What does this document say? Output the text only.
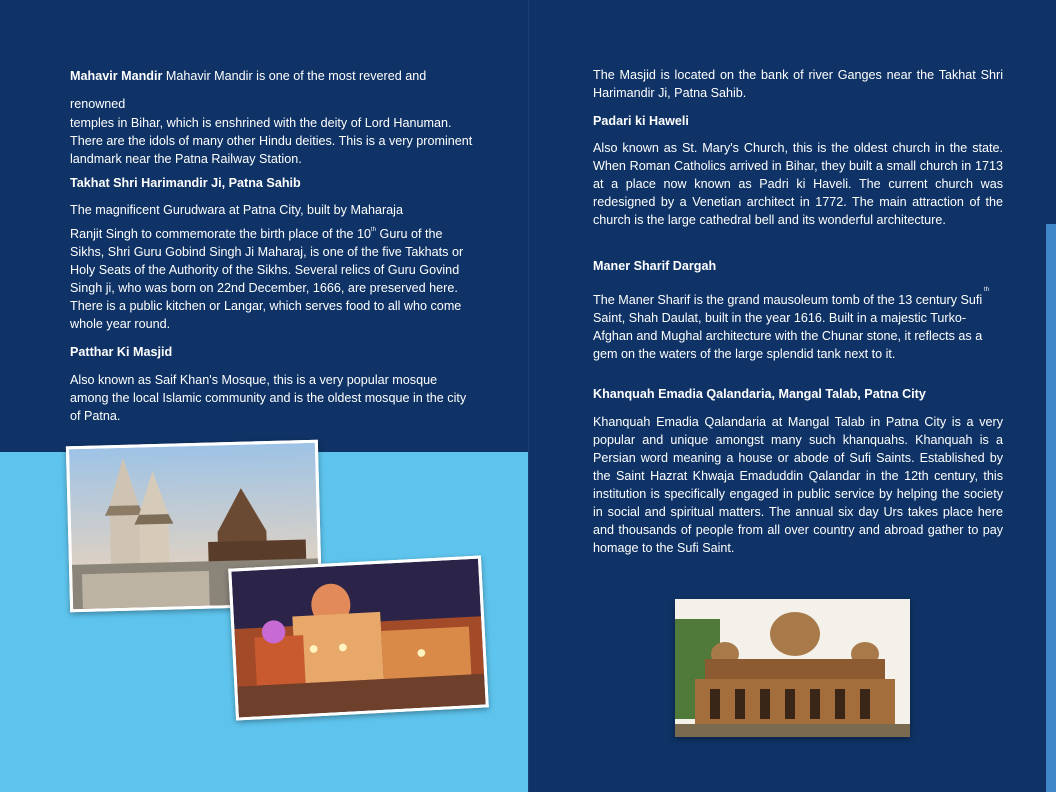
Mahavir Mandir Mahavir Mandir is one of the most revered and
renowned
temples in Bihar, which is enshrined with the deity of Lord Hanuman. There are the idols of many other Hindu deities. This is a very prominent landmark near the Patna Railway Station.
Takhat Shri Harimandir Ji, Patna Sahib
The magnificent Gurudwara at Patna City, built by Maharaja
Ranjit Singh to commemorate the birth place of the 10th Guru of the Sikhs, Shri Guru Gobind Singh Ji Maharaj, is one of the five Takhats or Holy Seats of the Authority of the Sikhs. Several relics of Guru Govind Singh ji, who was born on 22nd December, 1666, are preserved here. There is a public kitchen or Langar, which serves food to all who come whole year round.
Patthar Ki Masjid
Also known as Saif Khan's Mosque, this is a very popular mosque among the local Islamic community and is the oldest mosque in the city of Patna.
The Masjid is located on the bank of river Ganges near the Takhat Shri Harimandir Ji, Patna Sahib.
Padari ki Haweli
Also known as St. Mary's Church, this is the oldest church in the state. When Roman Catholics arrived in Bihar, they built a small church in 1713 at a place now known as Padri ki Haveli. The current church was redesigned by a Venetian architect in 1772. The main attraction of the church is the large cathedral bell and its wonderful architecture.
Maner Sharif Dargah
The Maner Sharif is the grand mausoleum tomb of the 13 century Sufi Saint, Shah Daulat, built in the year 1616. Built in a majestic Turko-Afghan and Mughal architecture with the Chunar stone, it reflects as a gem on the waters of the large splendid tank next to it.
th
Khanquah Emadia Qalandaria, Mangal Talab, Patna City
Khanquah Emadia Qalandaria at Mangal Talab in Patna City is a very popular and unique amongst many such khanquahs. Khanquah is a Persian word meaning a house or abode of Sufi Saints. Established by the Saint Hazrat Khwaja Emaduddin Qalandar in the 12th century, this institution is specifically engaged in public service by helping the society in social and spiritual matters. The annual six day Urs takes place here and thousands of people from all over country and abroad gather to pay homage to the Sufi Saint.
